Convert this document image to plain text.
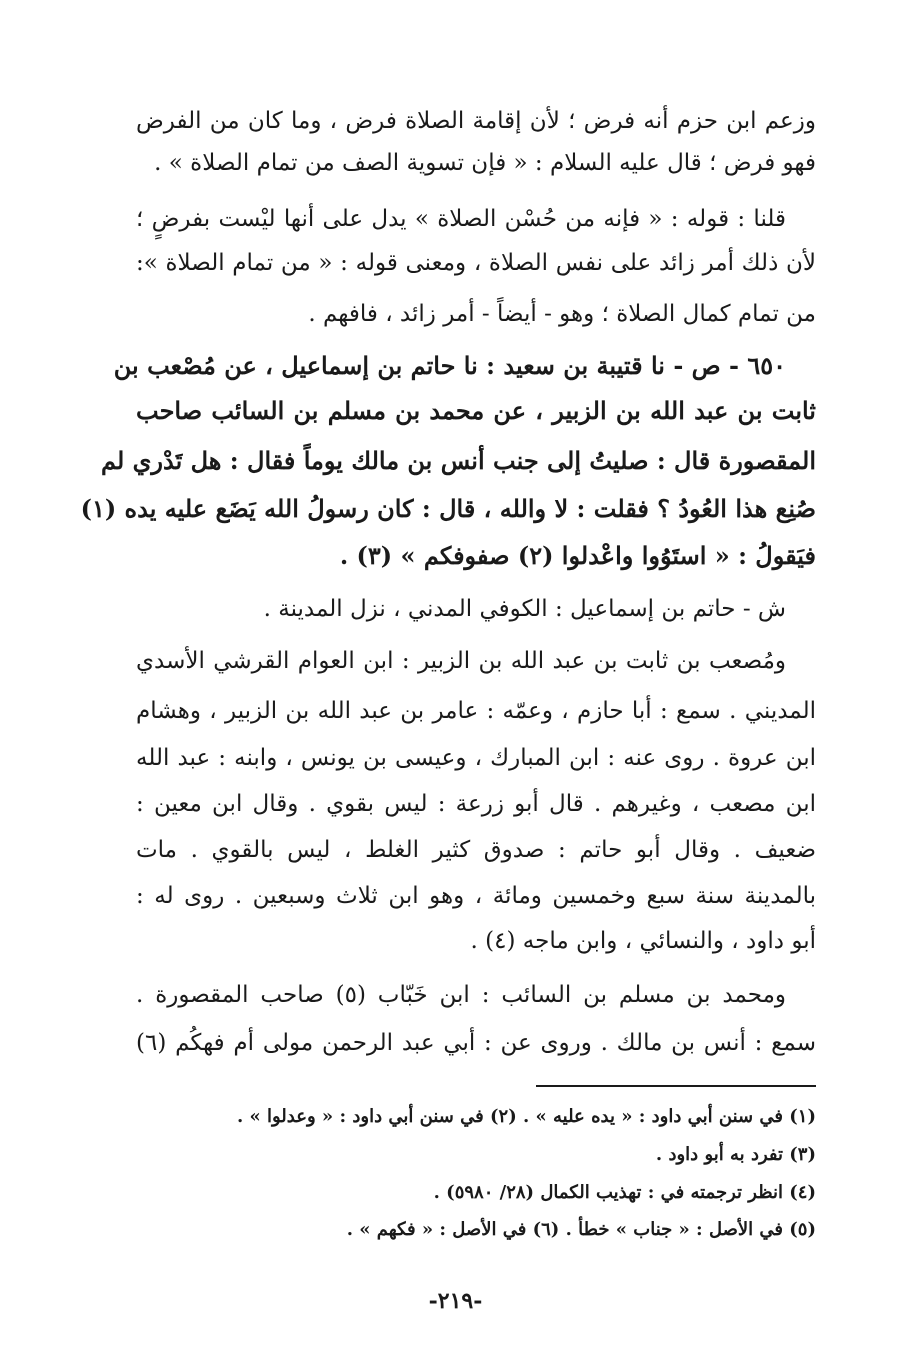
وزعم ابن حزم أنه فرض ؛ لأن إقامة الصلاة فرض ، وما كان من الفرض
فهو فرض ؛ قال عليه السلام : « فإن تسوية الصف من تمام الصلاة » .
قلنا : قوله : « فإنه من حُسْن الصلاة » يدل على أنها ليْست بفرضٍ ؛
لأن ذلك أمر زائد على نفس الصلاة ، ومعنى قوله : « من تمام الصلاة »:
من تمام كمال الصلاة ؛ وهو - أيضاً - أمر زائد ، فافهم .
٦٥٠ - ص - نا قتيبة بن سعيد : نا حاتم بن إسماعيل ، عن مُصْعب بن
ثابت بن عبد الله بن الزبير ، عن محمد بن مسلم بن السائب صاحب
المقصورة قال : صليتُ إلى جنب أنس بن مالك يوماً فقال : هل تَدْري لم
صُنِع هذا العُودُ ؟ فقلت : لا والله ، قال : كان رسولُ الله يَضَع عليه يده (١)
فيَقولُ : « استَوُوا واعْدلوا (٢) صفوفكم » (٣) .
ش - حاتم بن إسماعيل : الكوفي المدني ، نزل المدينة .
ومُصعب بن ثابت بن عبد الله بن الزبير : ابن العوام القرشي الأسدي
المديني . سمع : أبا حازم ، وعمّه : عامر بن عبد الله بن الزبير ، وهشام
ابن عروة . روى عنه : ابن المبارك ، وعيسى بن يونس ، وابنه : عبد الله
ابن مصعب ، وغيرهم . قال أبو زرعة : ليس بقوي . وقال ابن معين :
ضعيف . وقال أبو حاتم : صدوق كثير الغلط ، ليس بالقوي . مات
بالمدينة سنة سبع وخمسين ومائة ، وهو ابن ثلاث وسبعين . روى له :
أبو داود ، والنسائي ، وابن ماجه (٤) .
ومحمد بن مسلم بن السائب : ابن خَبّاب (٥) صاحب المقصورة .
سمع : أنس بن مالك . وروى عن : أبي عبد الرحمن مولى أم فهكُم (٦)
(١) في سنن أبي داود : « يده عليه » . (٢) في سنن أبي داود : « وعدلوا » .
(٣) تفرد به أبو داود .
(٤) انظر ترجمته في : تهذيب الكمال (٢٨/ ٥٩٨٠) .
(٥) في الأصل : « جناب » خطأ . (٦) في الأصل : « فكهم » .
-٢١٩-
